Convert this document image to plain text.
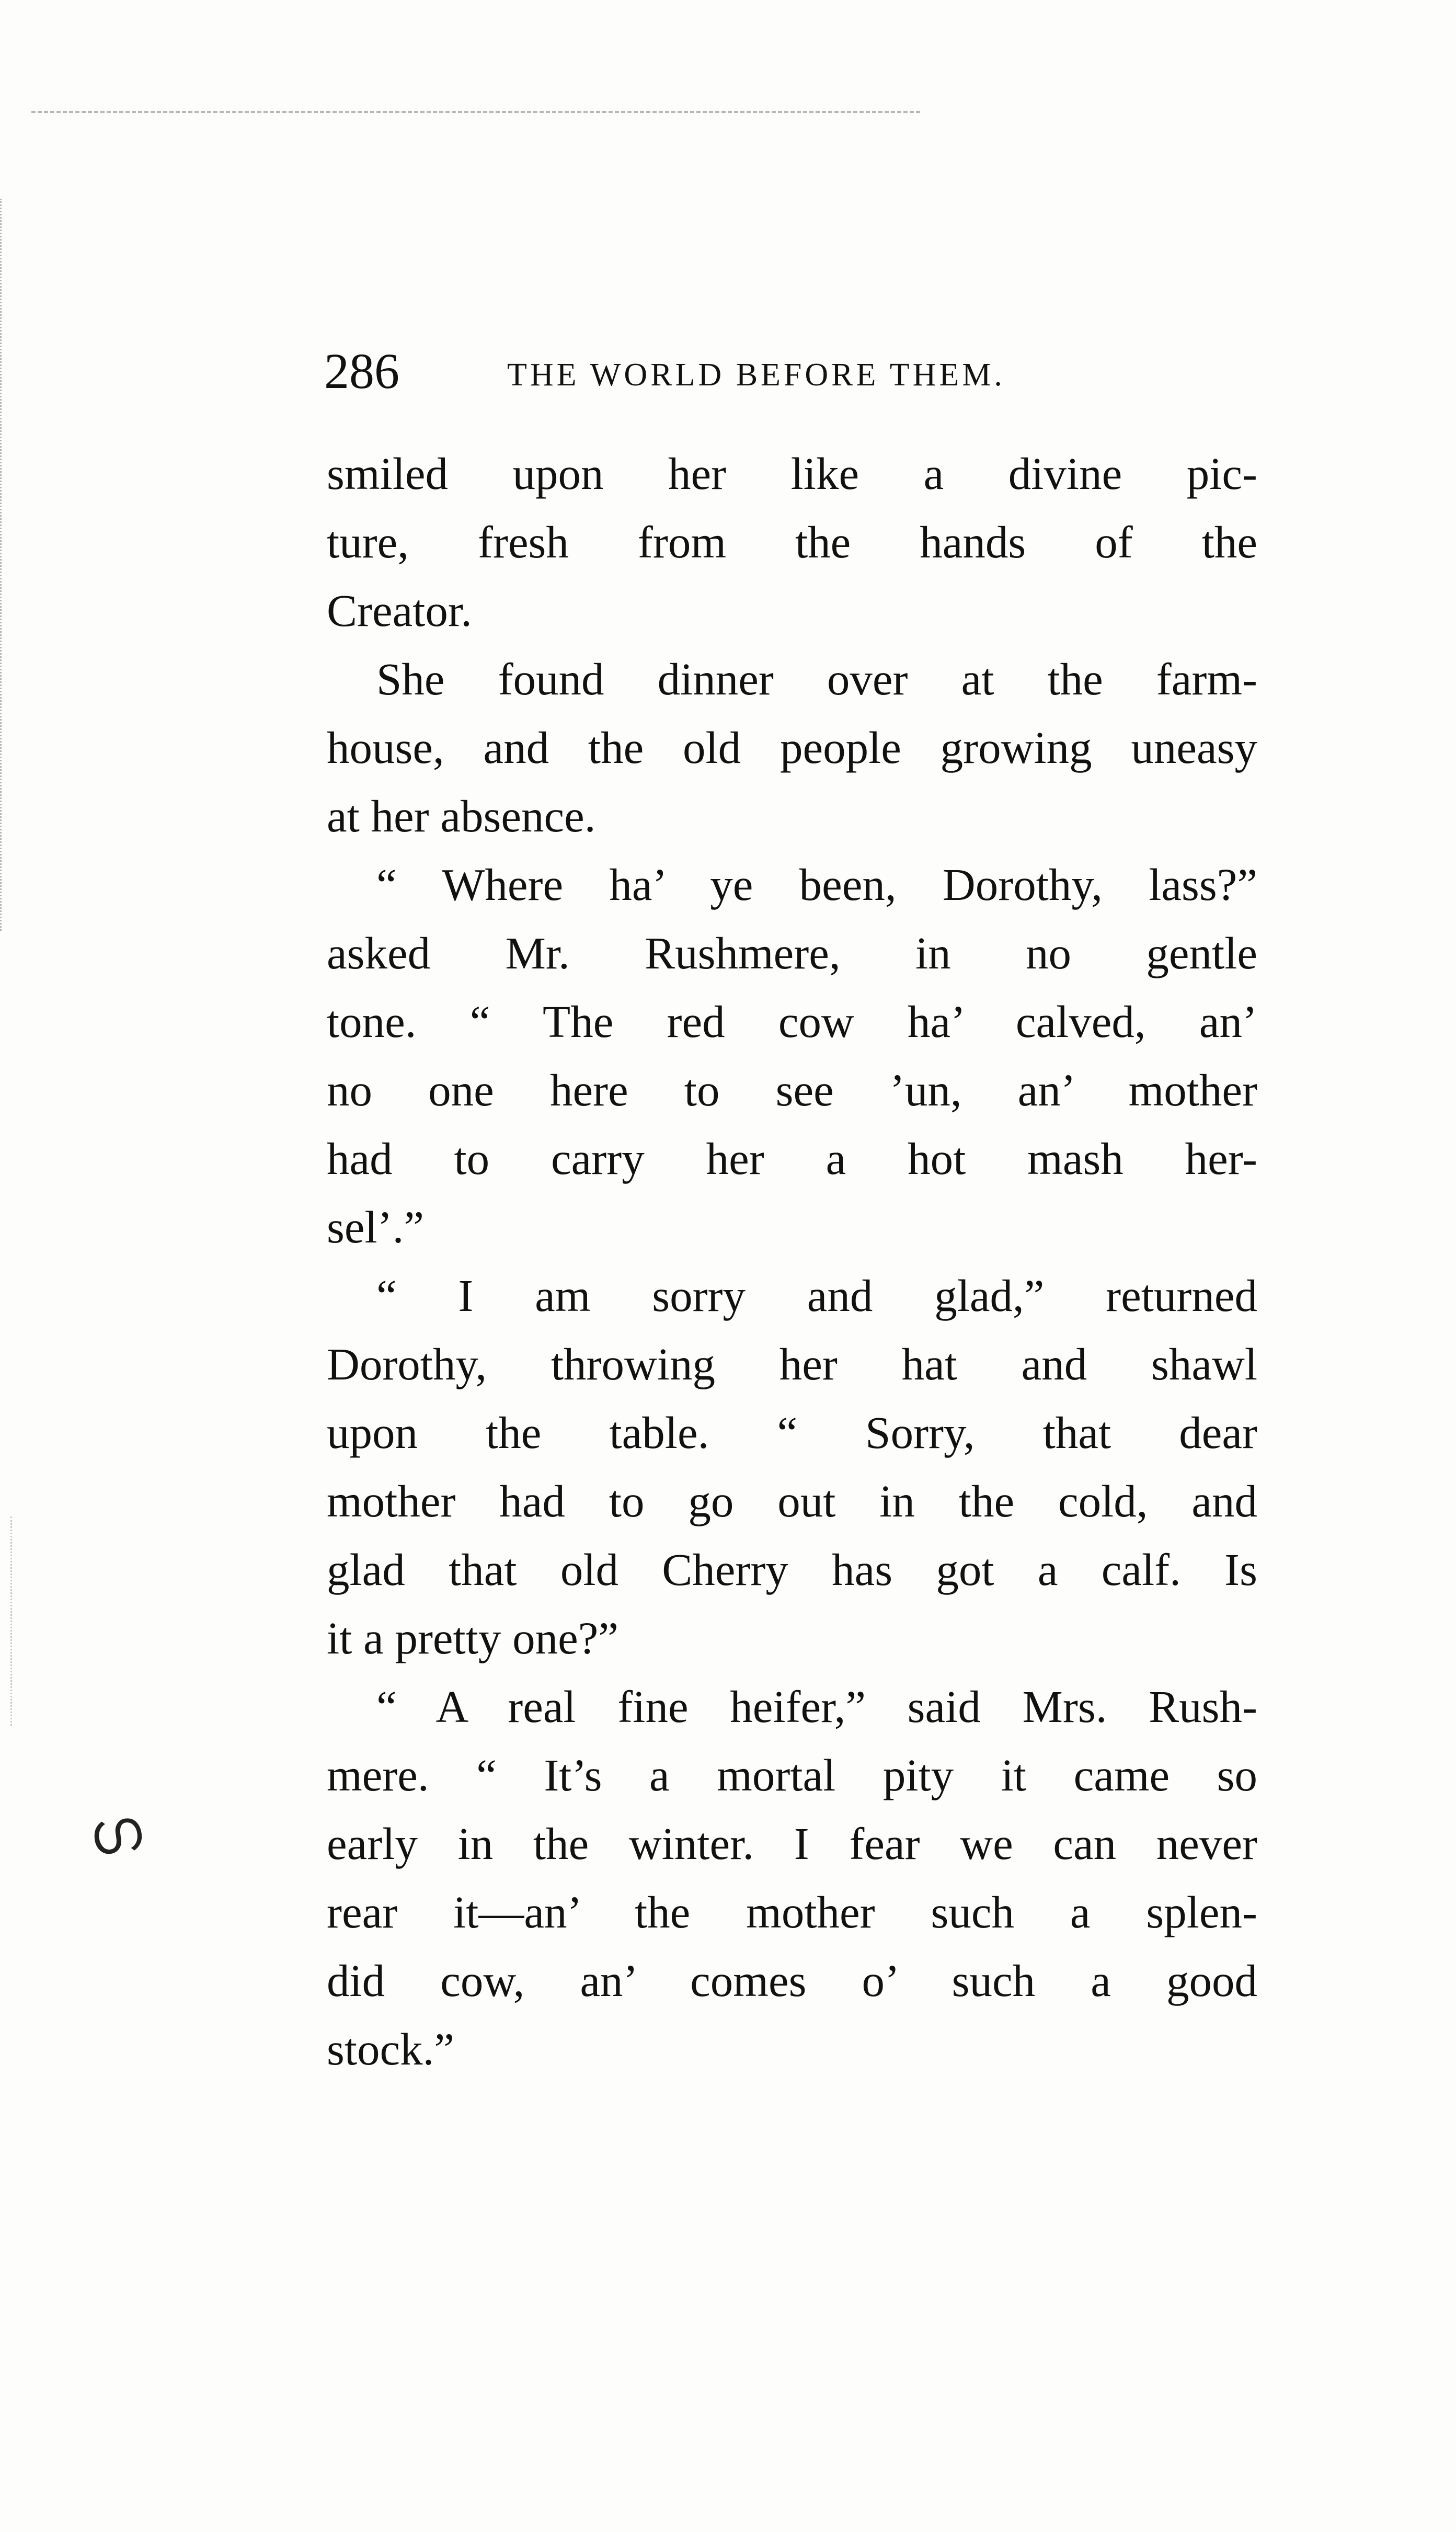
ഗ
286	THE WORLD BEFORE THEM.
smiled upon her like a divine pic-
ture, fresh from the hands of the
Creator.
She found dinner over at the farm-
house, and the old people growing uneasy
at her absence.
“ Where ha’ ye been, Dorothy, lass?”
asked Mr. Rushmere, in no gentle
tone. “ The red cow ha’ calved, an’
no one here to see ’un, an’ mother
had to carry her a hot mash her-
sel’.”
“ I am sorry and glad,” returned
Dorothy, throwing her hat and shawl
upon the table. “ Sorry, that dear
mother had to go out in the cold, and
glad that old Cherry has got a calf. Is
it a pretty one?”
“ A real fine heifer,” said Mrs. Rush-
mere. “ It’s a mortal pity it came so
early in the winter. I fear we can never
rear it—an’ the mother such a splen-
did cow, an’ comes o’ such a good
stock.”
